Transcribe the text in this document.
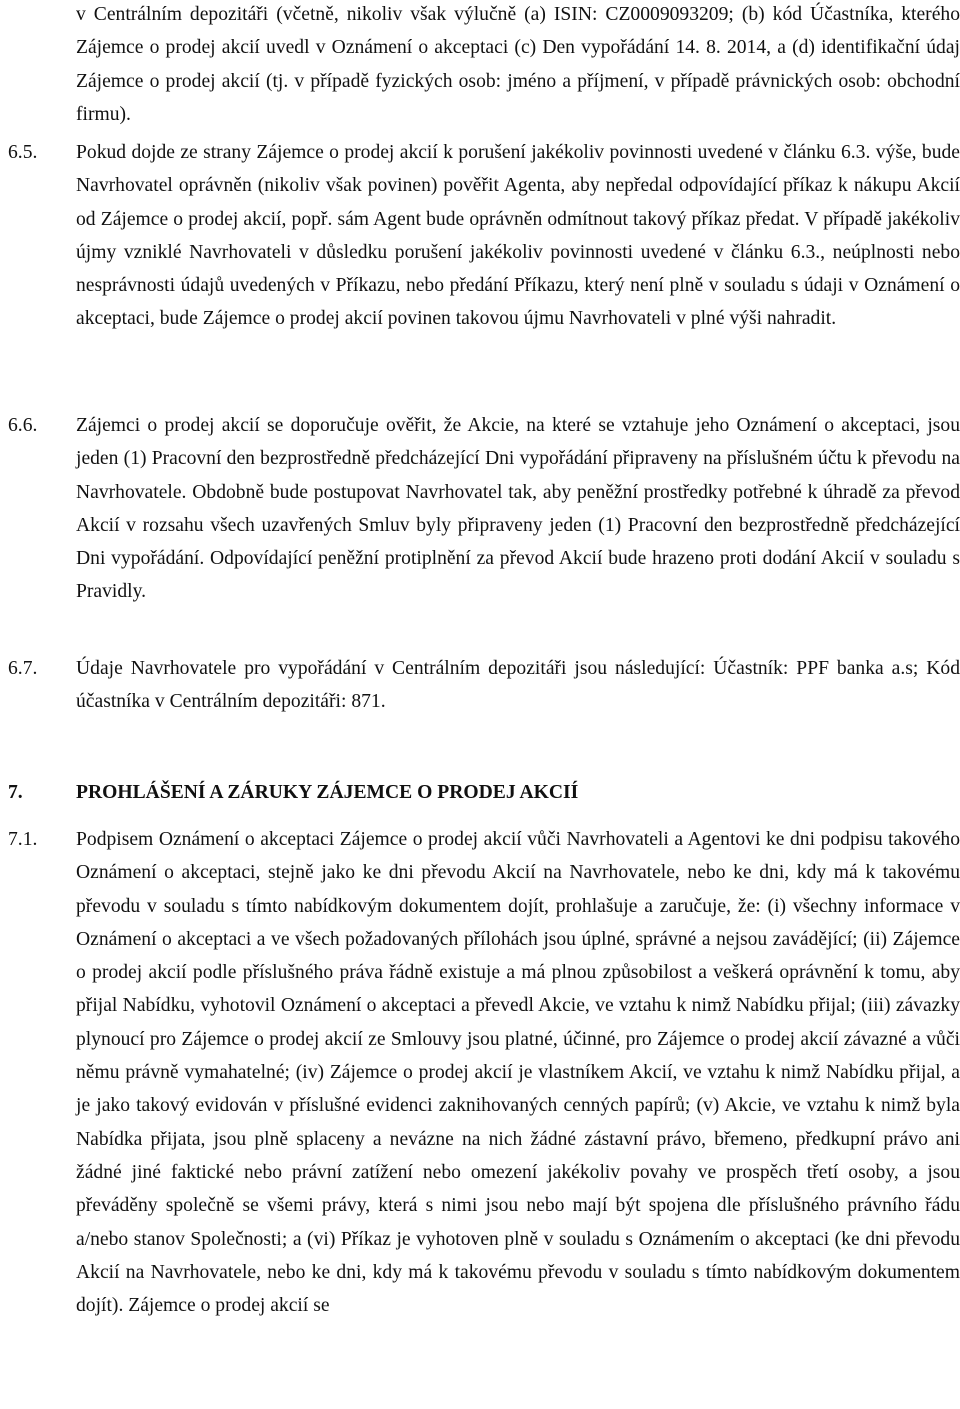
v Centrálním depozitáři (včetně, nikoliv však výlučně (a) ISIN: CZ0009093209; (b) kód Účastníka, kterého Zájemce o prodej akcií uvedl v Oznámení o akceptaci (c) Den vypořádání 14. 8. 2014, a (d) identifikační údaj Zájemce o prodej akcií (tj. v případě fyzických osob: jméno a příjmení, v případě právnických osob: obchodní firmu).
6.5.	Pokud dojde ze strany Zájemce o prodej akcií k porušení jakékoliv povinnosti uvedené v článku 6.3. výše, bude Navrhovatel oprávněn (nikoliv však povinen) pověřit Agenta, aby nepředal odpovídající příkaz k nákupu Akcií od Zájemce o prodej akcií, popř. sám Agent bude oprávněn odmítnout takový příkaz předat. V případě jakékoliv újmy vzniklé Navrhovateli v důsledku porušení jakékoliv povinnosti uvedené v článku 6.3., neúplnosti nebo nesprávnosti údajů uvedených v Příkazu, nebo předání Příkazu, který není plně v souladu s údaji v Oznámení o akceptaci, bude Zájemce o prodej akcií povinen takovou újmu Navrhovateli v plné výši nahradit.
6.6.	Zájemci o prodej akcií se doporučuje ověřit, že Akcie, na které se vztahuje jeho Oznámení o akceptaci, jsou jeden (1) Pracovní den bezprostředně předcházející Dni vypořádání připraveny na příslušném účtu k převodu na Navrhovatele. Obdobně bude postupovat Navrhovatel tak, aby peněžní prostředky potřebné k úhradě za převod Akcií v rozsahu všech uzavřených Smluv byly připraveny jeden (1) Pracovní den bezprostředně předcházející Dni vypořádání. Odpovídající peněžní protiplnění za převod Akcií bude hrazeno proti dodání Akcií v souladu s Pravidly.
6.7.	Údaje Navrhovatele pro vypořádání v Centrálním depozitáři jsou následující: Účastník: PPF banka a.s; Kód účastníka v Centrálním depozitáři: 871.
7.	PROHLÁŠENÍ A ZÁRUKY ZÁJEMCE O PRODEJ AKCIÍ
7.1.	Podpisem Oznámení o akceptaci Zájemce o prodej akcií vůči Navrhovateli a Agentovi ke dni podpisu takového Oznámení o akceptaci, stejně jako ke dni převodu Akcií na Navrhovatele, nebo ke dni, kdy má k takovému převodu v souladu s tímto nabídkovým dokumentem dojít, prohlašuje a zaručuje, že: (i) všechny informace v Oznámení o akceptaci a ve všech požadovaných přílohách jsou úplné, správné a nejsou zavádějící; (ii) Zájemce o prodej akcií podle příslušného práva řádně existuje a má plnou způsobilost a veškerá oprávnění k tomu, aby přijal Nabídku, vyhotovil Oznámení o akceptaci a převedl Akcie, ve vztahu k nimž Nabídku přijal; (iii) závazky plynoucí pro Zájemce o prodej akcií ze Smlouvy jsou platné, účinné, pro Zájemce o prodej akcií závazné a vůči němu právně vymahatelné; (iv) Zájemce o prodej akcií je vlastníkem Akcií, ve vztahu k nimž Nabídku přijal, a je jako takový evidován v příslušné evidenci zaknihovaných cenných papírů; (v) Akcie, ve vztahu k nimž byla Nabídka přijata, jsou plně splaceny a nevázne na nich žádné zástavní právo, břemeno, předkupní právo ani žádné jiné faktické nebo právní zatížení nebo omezení jakékoliv povahy ve prospěch třetí osoby, a jsou převáděny společně se všemi právy, která s nimi jsou nebo mají být spojena dle příslušného právního řádu a/nebo stanov Společnosti; a (vi) Příkaz je vyhotoven plně v souladu s Oznámením o akceptaci (ke dni převodu Akcií na Navrhovatele, nebo ke dni, kdy má k takovému převodu v souladu s tímto nabídkovým dokumentem dojít). Zájemce o prodej akcií se
